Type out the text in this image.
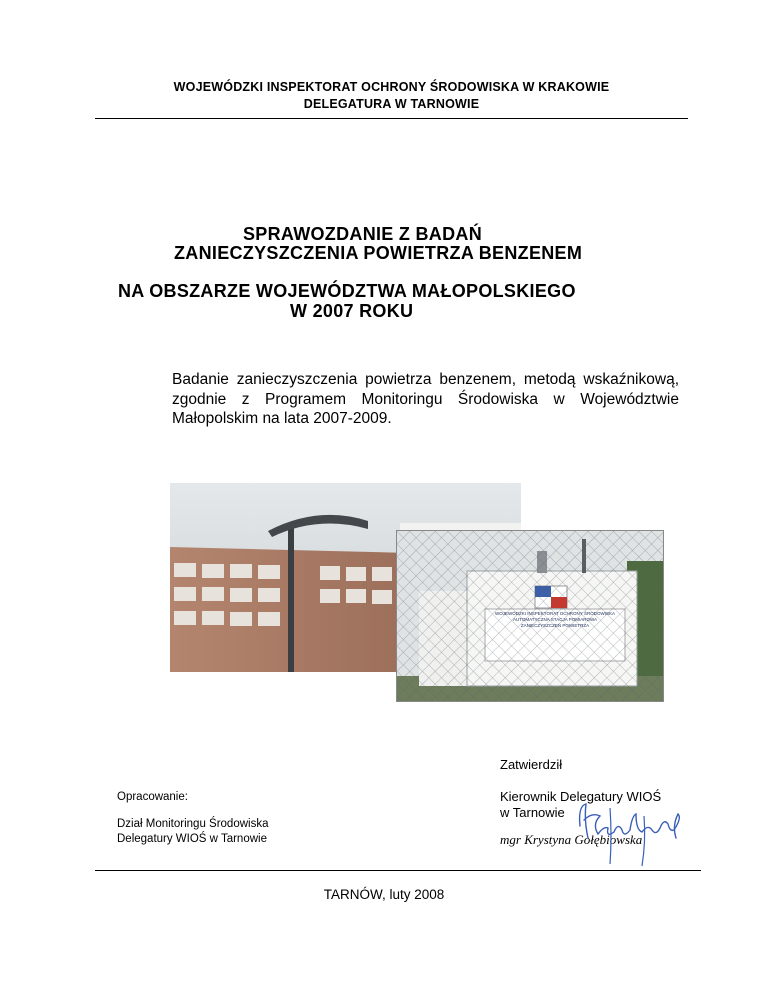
WOJEWÓDZKI INSPEKTORAT OCHRONY ŚRODOWISKA W KRAKOWIE
DELEGATURA W TARNOWIE
SPRAWOZDANIE Z BADAŃ
ZANIECZYSZCZENIA POWIETRZA BENZENEM
NA OBSZARZE WOJEWÓDZTWA MAŁOPOLSKIEGO
W 2007 ROKU
Badanie zanieczyszczenia powietrza benzenem, metodą wskaźnikową, zgodnie z Programem Monitoringu Środowiska w Województwie Małopolskim na lata 2007-2009.
WOJEWÓDZKI INSPEKTORAT OCHRONY ŚRODOWISKA
AUTOMATYCZNA STACJA POMIAROWA
ZANIECZYSZCZEŃ POWIETRZA
Zatwierdził
Kierownik Delegatury WIOŚ
w Tarnowie
mgr Krystyna Gołębiowska
Opracowanie:
Dział Monitoringu Środowiska
Delegatury WIOŚ w Tarnowie
TARNÓW, luty 2008
